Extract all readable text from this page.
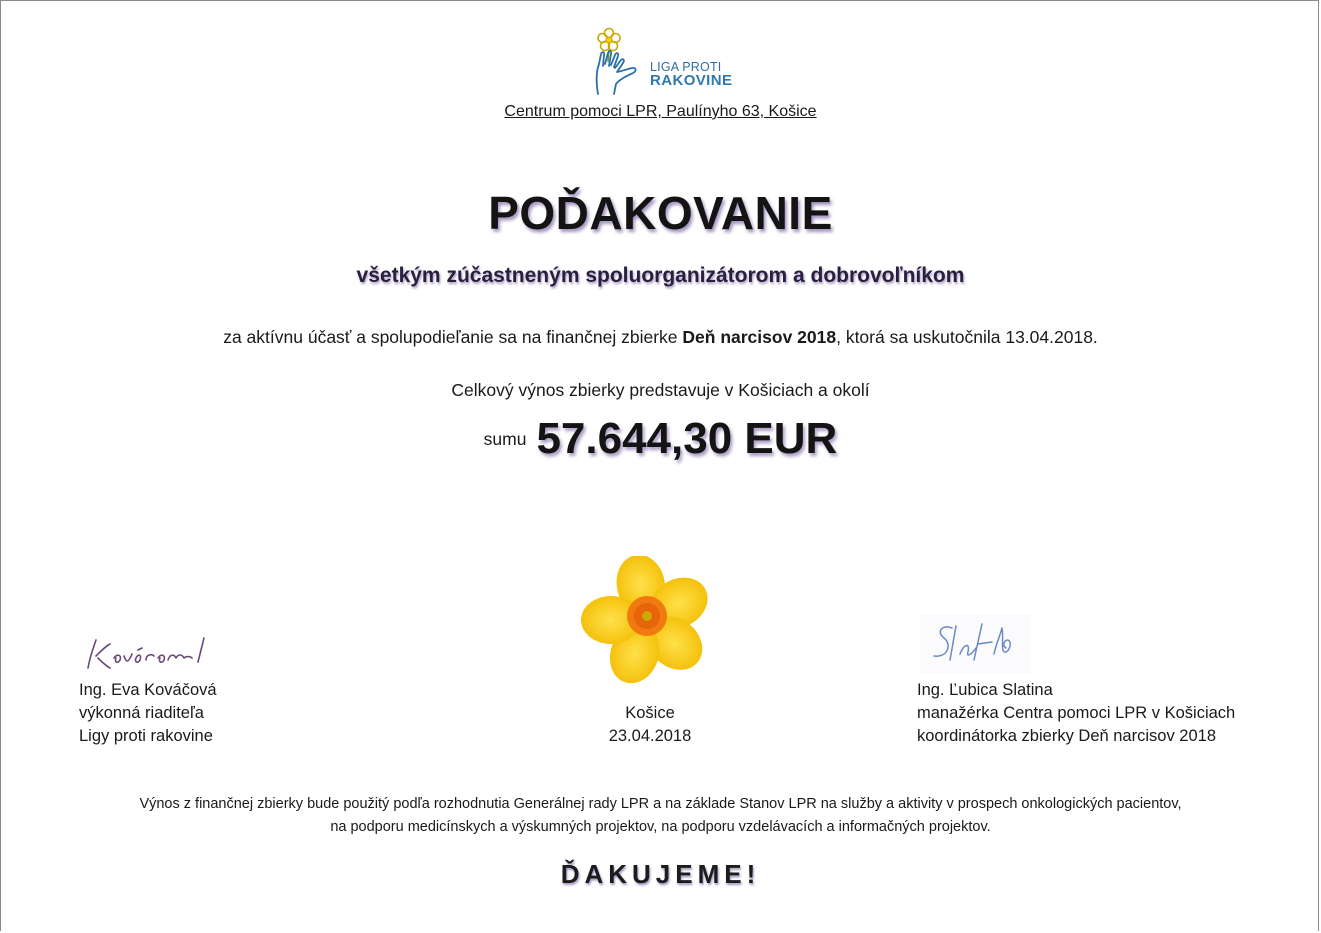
LIGA PROTI
RAKOVINE
Centrum pomoci LPR, Paulínyho 63, Košice
POĎAKOVANIE
všetkým zúčastneným spoluorganizátorom a dobrovoľníkom
za aktívnu účasť a spolupodieľanie sa na finančnej zbierke Deň narcisov 2018, ktorá sa uskutočnila 13.04.2018.
Celkový výnos zbierky predstavuje v Košiciach a okolí
sumu 57.644,30 EUR
Ing. Eva Kováčová
výkonná riaditeľa
Ligy proti rakovine
Košice
23.04.2018
Ing. Ľubica Slatina
manažérka Centra pomoci LPR v Košiciach
koordinátorka zbierky Deň narcisov 2018
Výnos z finančnej zbierky bude použitý podľa rozhodnutia Generálnej rady LPR a na základe Stanov LPR na služby a aktivity v prospech onkologických pacientov,
na podporu medicínskych a výskumných projektov, na podporu vzdelávacích a informačných projektov.
ĎAKUJEME!
